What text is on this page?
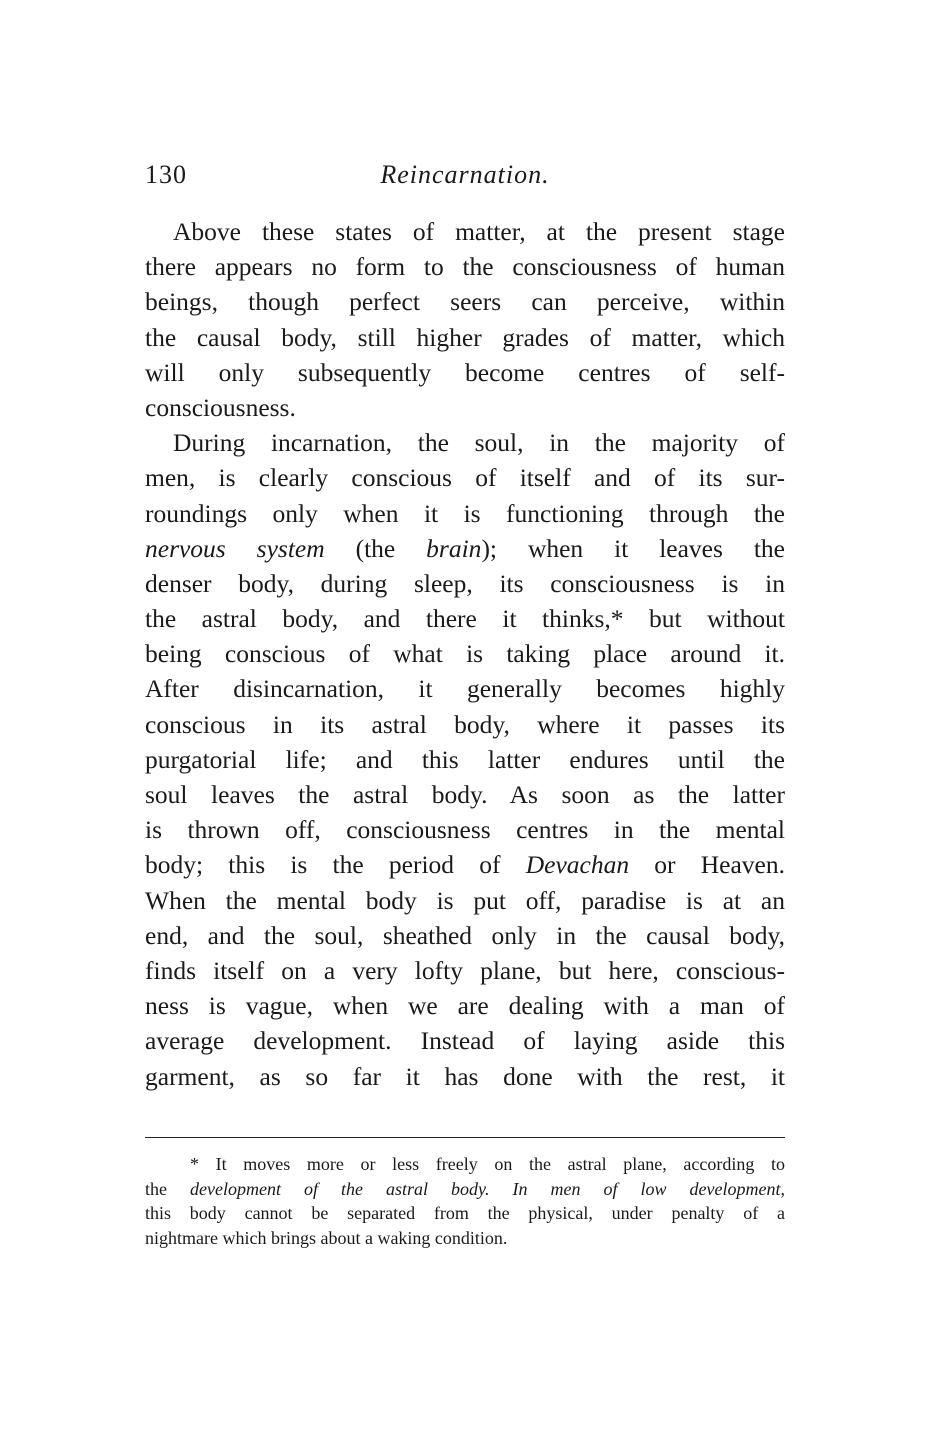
130	Reincarnation.
Above these states of matter, at the present stage
there appears no form to the consciousness of human
beings, though perfect seers can perceive, within
the causal body, still higher grades of matter, which
will only subsequently become centres of self-
consciousness.
During incarnation, the soul, in the majority of
men, is clearly conscious of itself and of its sur-
roundings only when it is functioning through the
nervous system (the brain); when it leaves the
denser body, during sleep, its consciousness is in
the astral body, and there it thinks,* but without
being conscious of what is taking place around it.
After disincarnation, it generally becomes highly
conscious in its astral body, where it passes its
purgatorial life; and this latter endures until the
soul leaves the astral body. As soon as the latter
is thrown off, consciousness centres in the mental
body; this is the period of Devachan or Heaven.
When the mental body is put off, paradise is at an
end, and the soul, sheathed only in the causal body,
finds itself on a very lofty plane, but here, conscious-
ness is vague, when we are dealing with a man of
average development. Instead of laying aside this
garment, as so far it has done with the rest, it
* It moves more or less freely on the astral plane, according to
the development of the astral body. In men of low development,
this body cannot be separated from the physical, under penalty of a
nightmare which brings about a waking condition.
